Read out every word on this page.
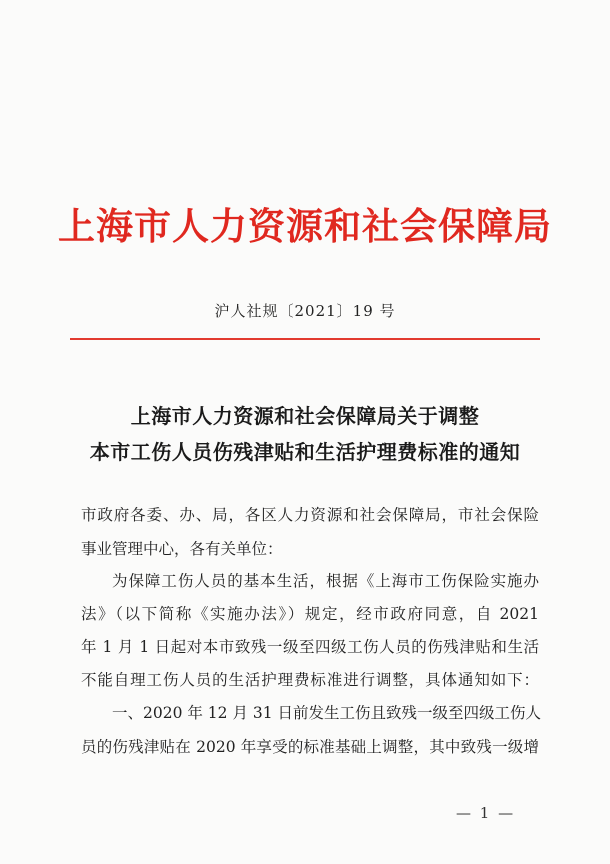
上海市人力资源和社会保障局
沪人社规〔2021〕19 号
上海市人力资源和社会保障局关于调整
本市工伤人员伤残津贴和生活护理费标准的通知
市政府各委、办、局，各区人力资源和社会保障局，市社会保险
事业管理中心，各有关单位：
为保障工伤人员的基本生活，根据《上海市工伤保险实施办
法》（以下简称《实施办法》）规定，经市政府同意，自 2021
年 1 月 1 日起对本市致残一级至四级工伤人员的伤残津贴和生活
不能自理工伤人员的生活护理费标准进行调整，具体通知如下：
一、2020 年 12 月 31 日前发生工伤且致残一级至四级工伤人
员的伤残津贴在 2020 年享受的标准基础上调整，其中致残一级增
— 1 —
